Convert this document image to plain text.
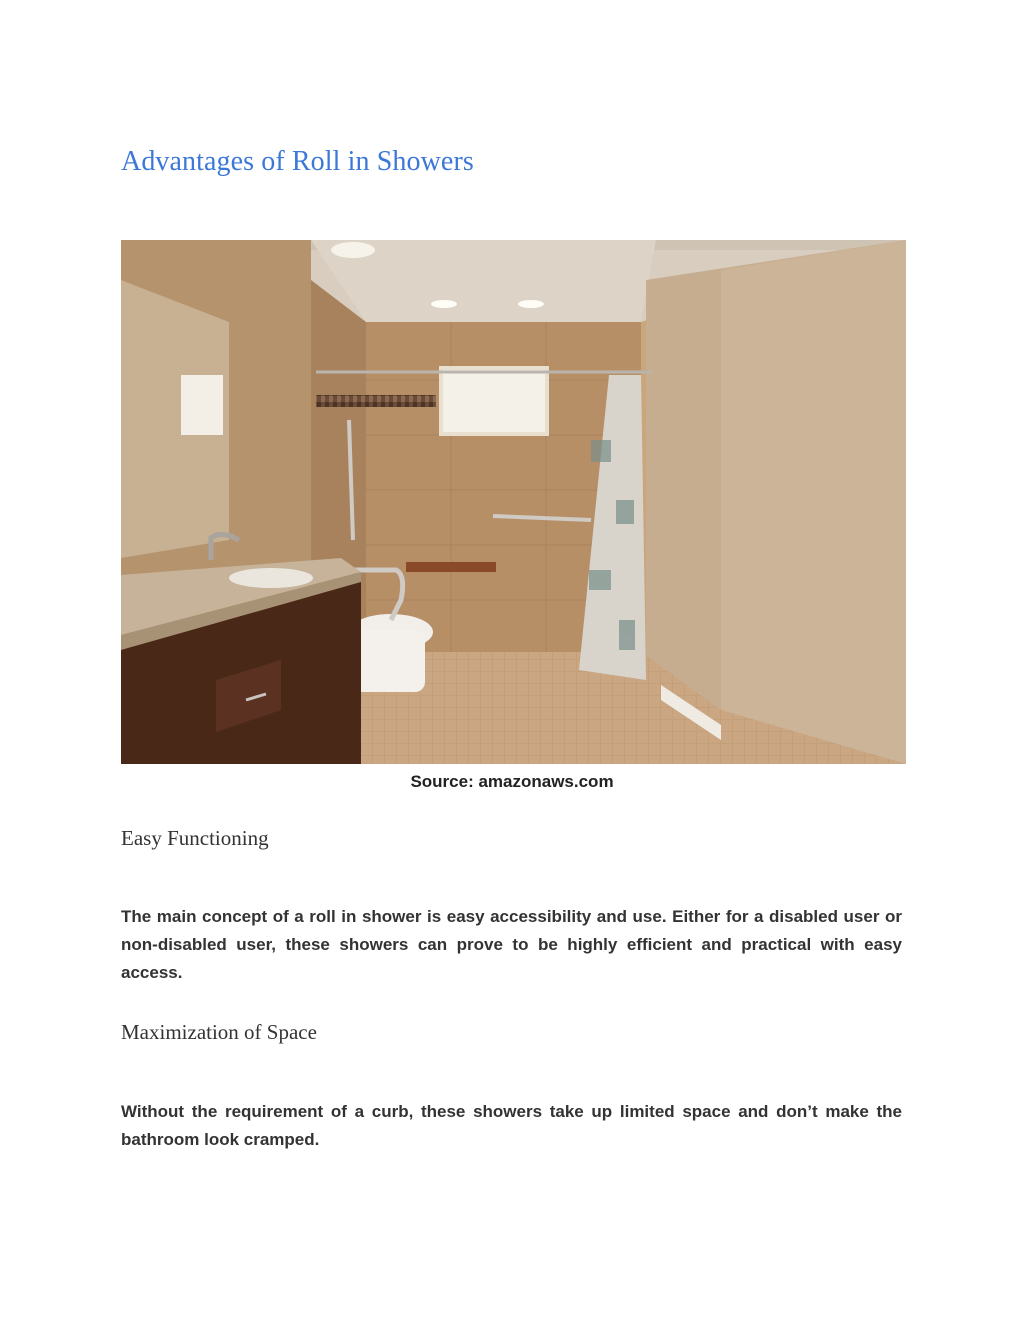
Advantages of Roll in Showers
Source: amazonaws.com
Easy Functioning

The main concept of a roll in shower is easy accessibility and use. Either for a disabled user or non-disabled user, these showers can prove to be highly efficient and practical with easy access.

Maximization of Space

Without the requirement of a curb, these showers take up limited space and don’t make the bathroom look cramped.
